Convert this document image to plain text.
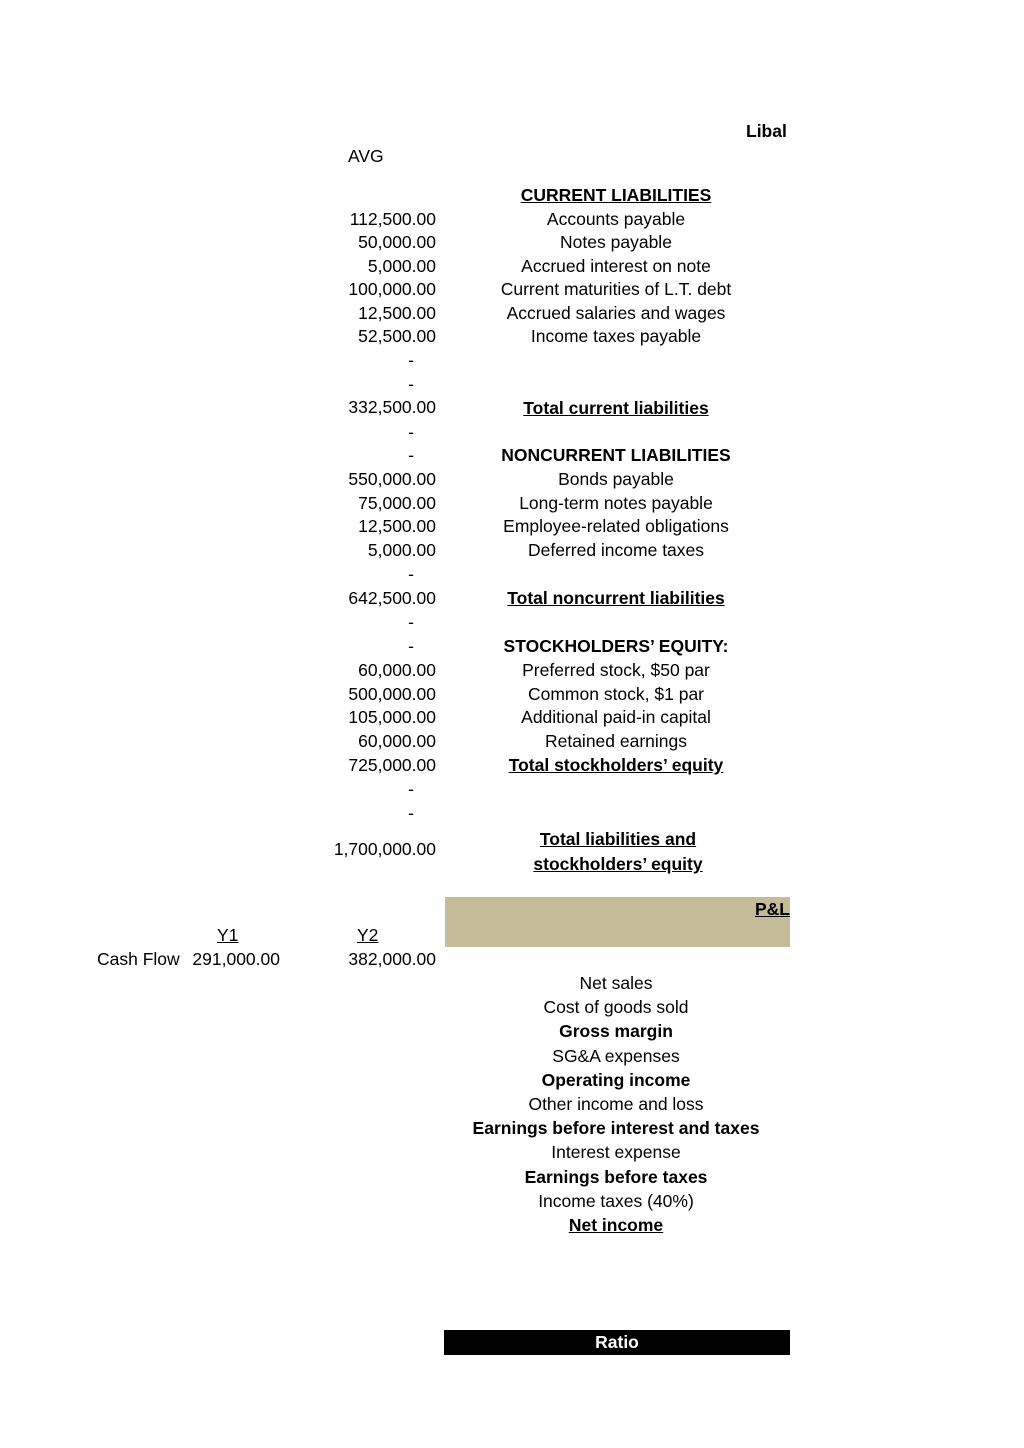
Libal
AVG
CURRENT LIABILITIES
112,500.00	Accounts payable
50,000.00	Notes payable
5,000.00	Accrued interest on note
100,000.00	Current maturities of L.T. debt
12,500.00	Accrued salaries and wages
52,500.00	Income taxes payable
-
-
332,500.00	Total current liabilities
-
-	NONCURRENT LIABILITIES
550,000.00	Bonds payable
75,000.00	Long-term notes payable
12,500.00	Employee-related obligations
5,000.00	Deferred income taxes
-
642,500.00	Total noncurrent liabilities
-
-	STOCKHOLDERS’ EQUITY:
60,000.00	Preferred stock, $50 par
500,000.00	Common stock, $1 par
105,000.00	Additional paid-in capital
60,000.00	Retained earnings
725,000.00	Total stockholders’ equity
-
-
1,700,000.00	Total liabilities and stockholders’ equity
P&L
Y1	Y2
Cash Flow 291,000.00	382,000.00
Net sales
Cost of goods sold
Gross margin
SG&A expenses
Operating income
Other income and loss
Earnings before interest and taxes
Interest expense
Earnings before taxes
Income taxes (40%)
Net income
Ratio
